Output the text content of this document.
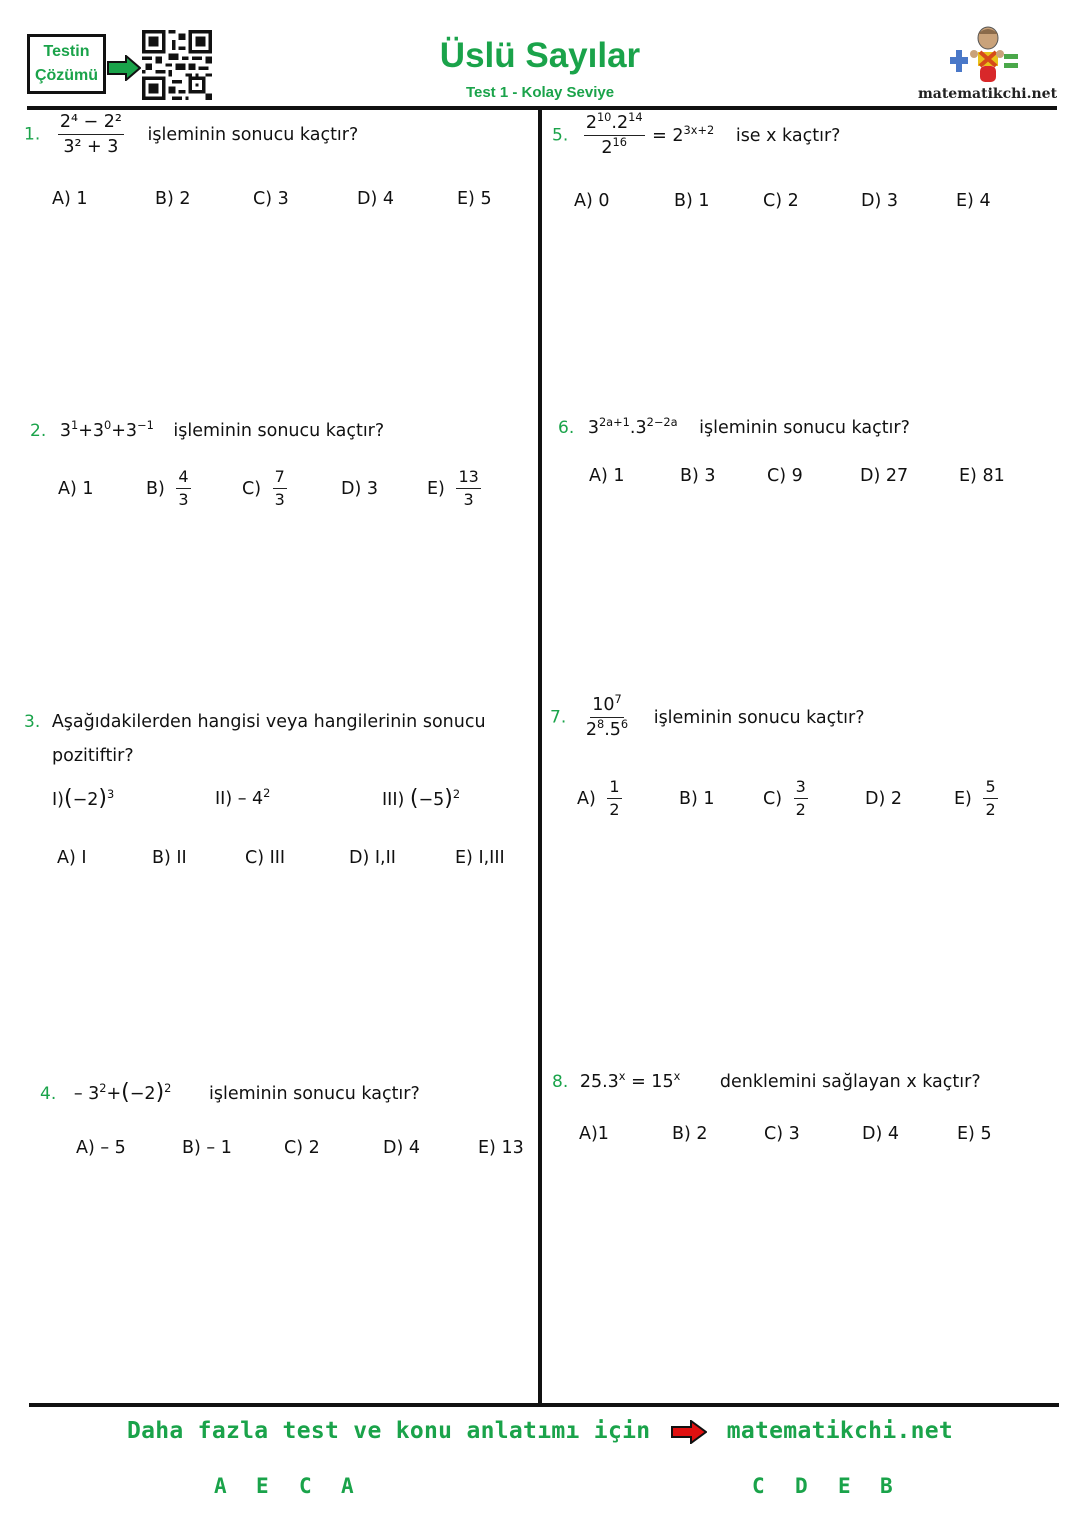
Testin
Çözümü
Üslü Sayılar
Test 1 - Kolay Seviye	matematikchi.net
1. $\frac{\text{2⁴ − 2²}}{\text{3² + 3}}$ işleminin sonucu kaçtır?
A) 1	B) 2	C) 3	D) 4	E) 5
2. $3^1+3^0+3^{-1}$ işleminin sonucu kaçtır?
A) 1	$B) \frac{4}{3}$	$C) \frac{7}{3}$	D) 3	$E) \frac{13}{3}$
3. Aşağıdakilerden hangisi veya hangilerinin sonucu
pozitiftir?
$I)(-2)^3$	$II) - 4^2$	III) $(-5)^2$
A) I	B) II	C) III	D) I,II	E) I,III
4. – $3^2+(-2)^2$ işleminin sonucu kaçtır?
A) – 5	B) – 1	C) 2	D) 4	E) 13
5. $\frac{2^{10}.2^{14}}{2^{16}} = 2^{3x+2}$ ise x kaçtır?
A) 0	B) 1	C) 2	D) 3	E) 4
6. $3^{2a+1}.3^{2-2a}$ işleminin sonucu kaçtır?
A) 1	B) 3	C) 9	D) 27	E) 81
7. $\frac{10^7}{2^8.5^6}$ işleminin sonucu kaçtır?
$A) \frac{1}{2}$	B) 1	$C) \frac{3}{2}$	D) 2	$E) \frac{5}{2}$
8. $25.3^x = 15^x$ denklemini sağlayan x kaçtır?
A)1	B) 2	C) 3	D) 4	E) 5
Daha fazla test ve konu anlatımı için	matematikchi.net
A E C A	C D E B
